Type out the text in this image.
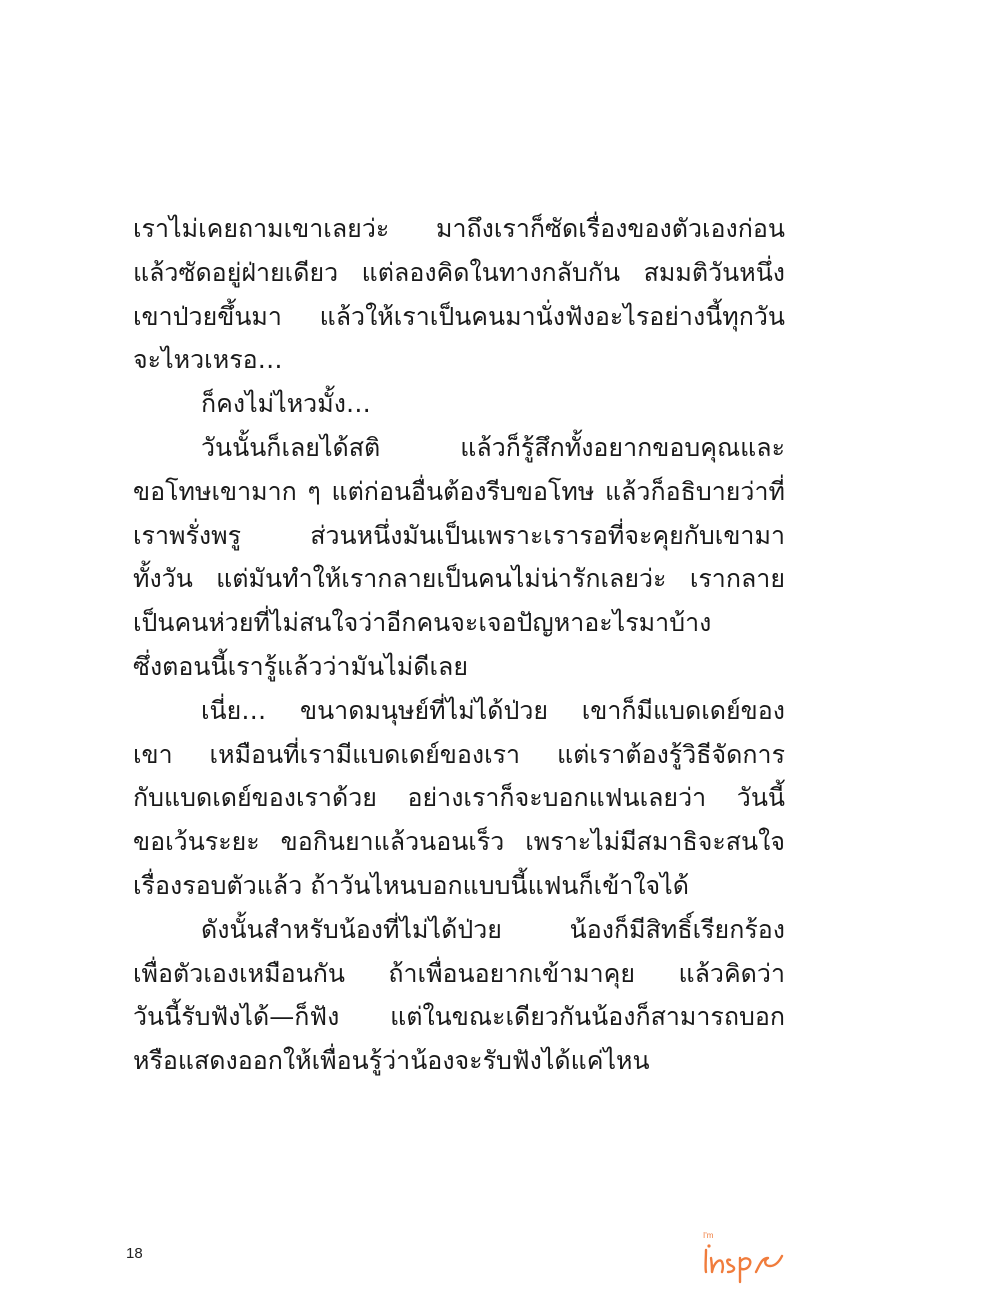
เราไม่เคยถามเขาเลยว่ะ มาถึงเราก็ซัดเรื่องของตัวเองก่อน
แล้วซัดอยู่ฝ่ายเดียว แต่ลองคิดในทางกลับกัน สมมติวันหนึ่ง
เขาป่วยขึ้นมา แล้วให้เราเป็นคนมานั่งฟังอะไรอย่างนี้ทุกวัน
จะไหวเหรอ…
ก็คงไม่ไหวมั้ง…
วันนั้นก็เลยได้สติ แล้วก็รู้สึกทั้งอยากขอบคุณและ
ขอโทษเขามาก ๆ แต่ก่อนอื่นต้องรีบขอโทษ แล้วก็อธิบายว่าที่
เราพรั่งพรู ส่วนหนึ่งมันเป็นเพราะเรารอที่จะคุยกับเขามา
ทั้งวัน แต่มันทำให้เรากลายเป็นคนไม่น่ารักเลยว่ะ เรากลาย
เป็นคนห่วยที่ไม่สนใจว่าอีกคนจะเจอปัญหาอะไรมาบ้าง
ซึ่งตอนนี้เรารู้แล้วว่ามันไม่ดีเลย
เนี่ย… ขนาดมนุษย์ที่ไม่ได้ป่วย เขาก็มีแบดเดย์ของ
เขา เหมือนที่เรามีแบดเดย์ของเรา แต่เราต้องรู้วิธีจัดการ
กับแบดเดย์ของเราด้วย อย่างเราก็จะบอกแฟนเลยว่า วันนี้
ขอเว้นระยะ ขอกินยาแล้วนอนเร็ว เพราะไม่มีสมาธิจะสนใจ
เรื่องรอบตัวแล้ว ถ้าวันไหนบอกแบบนี้แฟนก็เข้าใจได้
ดังนั้นสำหรับน้องที่ไม่ได้ป่วย น้องก็มีสิทธิ์เรียกร้อง
เพื่อตัวเองเหมือนกัน ถ้าเพื่อนอยากเข้ามาคุย แล้วคิดว่า
วันนี้รับฟังได้—ก็ฟัง แต่ในขณะเดียวกันน้องก็สามารถบอก
หรือแสดงออกให้เพื่อนรู้ว่าน้องจะรับฟังได้แค่ไหน
18
I'm
